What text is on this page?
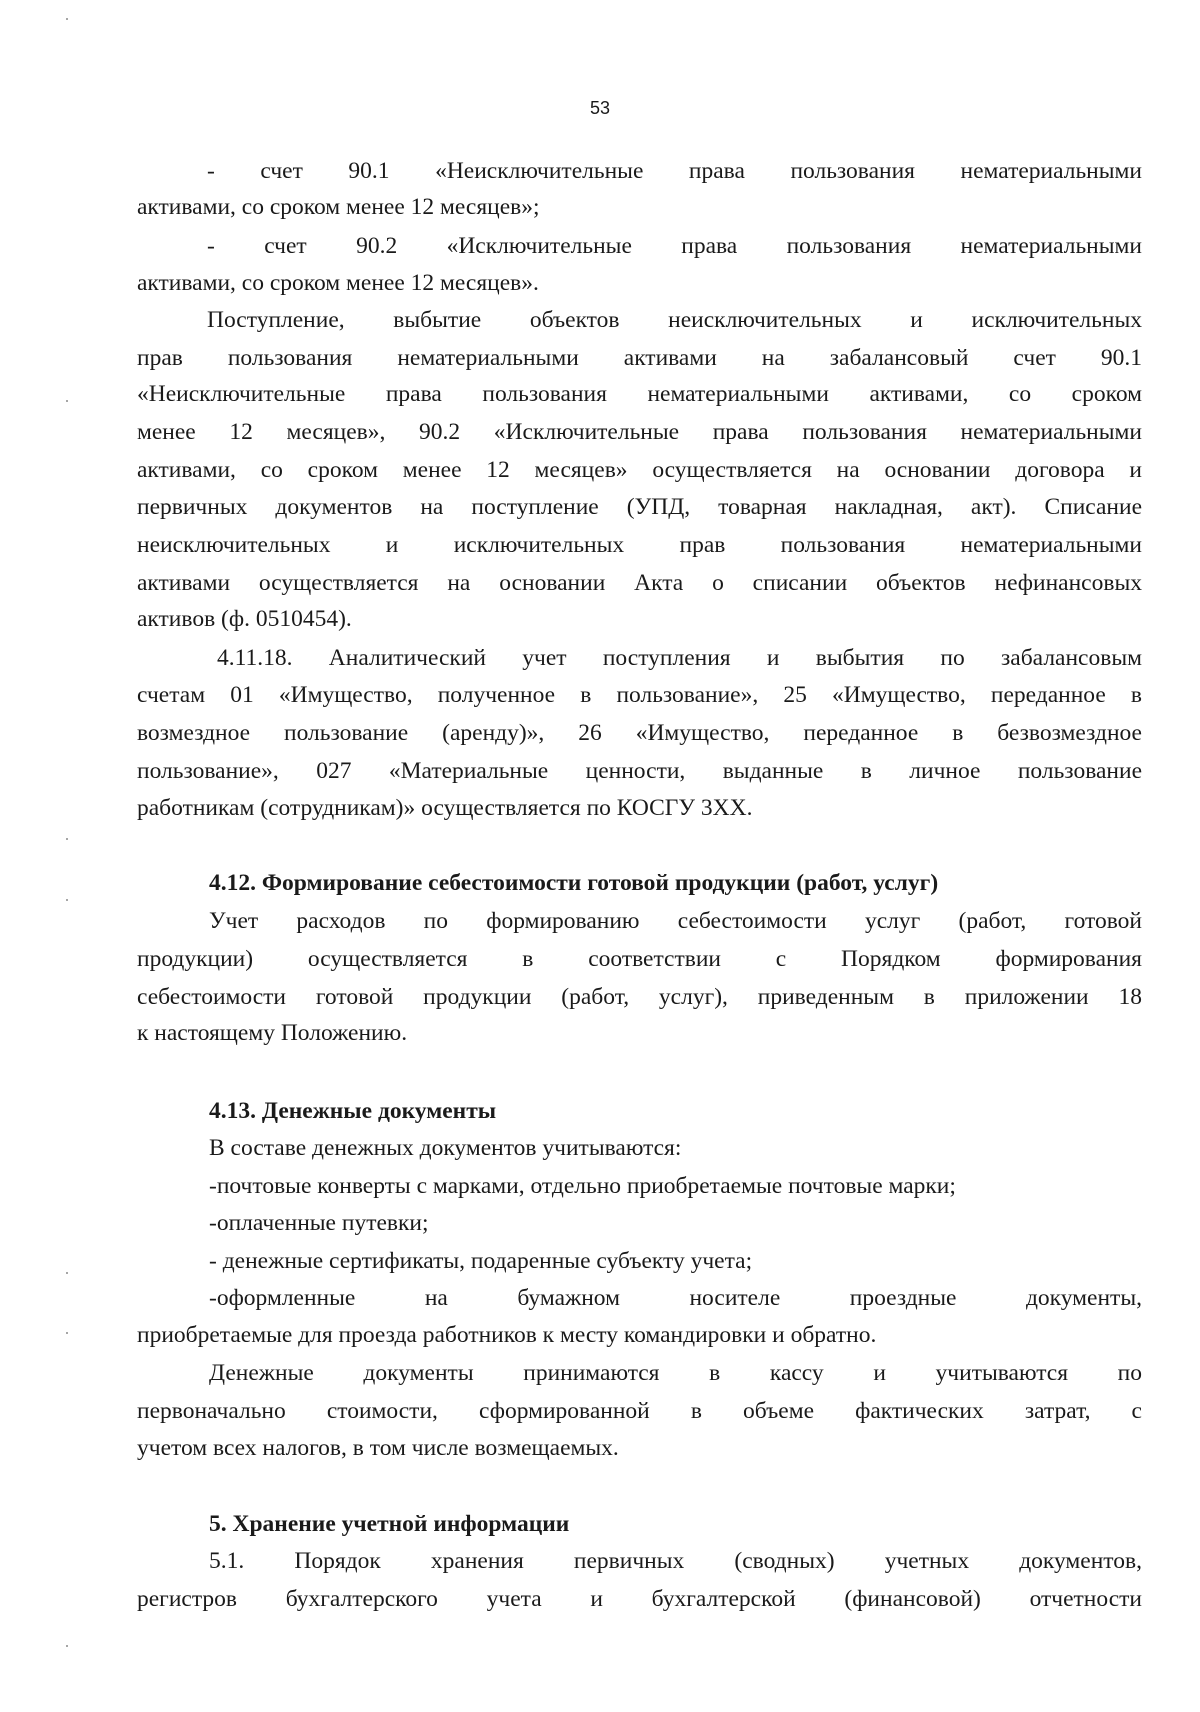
53
- счет 90.1 «Неисключительные права пользования нематериальными
активами, со сроком менее 12 месяцев»;
- счет 90.2 «Исключительные права пользования нематериальными
активами, со сроком менее 12 месяцев».
Поступление, выбытие объектов неисключительных и исключительных
прав пользования нематериальными активами на забалансовый счет 90.1
«Неисключительные права пользования нематериальными активами, со сроком
менее 12 месяцев», 90.2 «Исключительные права пользования нематериальными
активами, со сроком менее 12 месяцев» осуществляется на основании договора и
первичных документов на поступление (УПД, товарная накладная, акт). Списание
неисключительных и исключительных прав пользования нематериальными
активами осуществляется на основании Акта о списании объектов нефинансовых
активов (ф. 0510454).
4.11.18. Аналитический учет поступления и выбытия по забалансовым
счетам 01 «Имущество, полученное в пользование», 25 «Имущество, переданное в
возмездное пользование (аренду)», 26 «Имущество, переданное в безвозмездное
пользование», 027 «Материальные ценности, выданные в личное пользование
работникам (сотрудникам)» осуществляется по КОСГУ 3ХХ.
4.12. Формирование себестоимости готовой продукции (работ, услуг)
Учет расходов по формированию себестоимости услуг (работ, готовой
продукции) осуществляется в соответствии с Порядком формирования
себестоимости готовой продукции (работ, услуг), приведенным в приложении 18
к настоящему Положению.
4.13. Денежные документы
В составе денежных документов учитываются:
-почтовые конверты с марками, отдельно приобретаемые почтовые марки;
-оплаченные путевки;
- денежные сертификаты, подаренные субъекту учета;
-оформленные на бумажном носителе проездные документы,
приобретаемые для проезда работников к месту командировки и обратно.
Денежные документы принимаются в кассу и учитываются по
первоначально стоимости, сформированной в объеме фактических затрат, с
учетом всех налогов, в том числе возмещаемых.
5. Хранение учетной информации
5.1. Порядок хранения первичных (сводных) учетных документов,
регистров бухгалтерского учета и бухгалтерской (финансовой) отчетности
